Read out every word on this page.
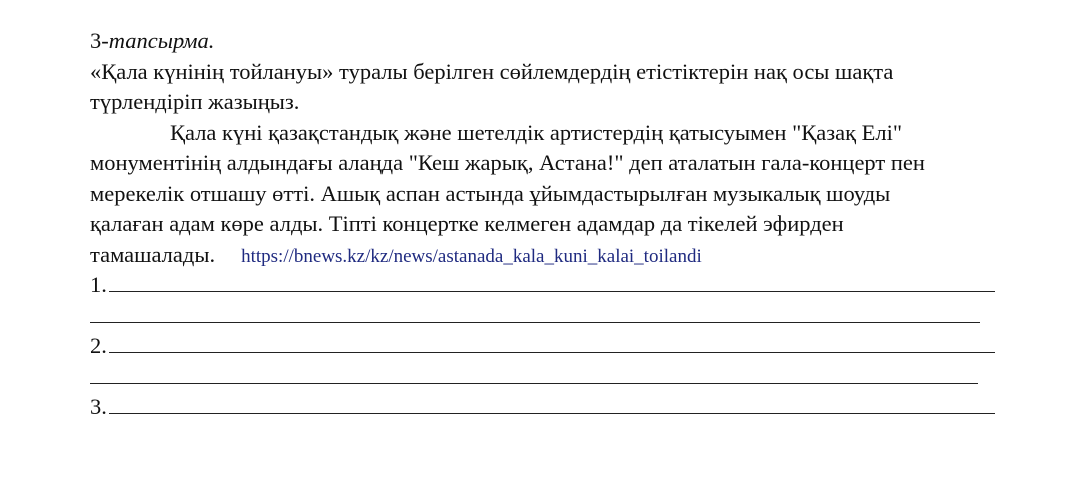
3-тапсырма.
«Қала күнінің тойлануы» туралы берілген сөйлемдердің етістіктерін нақ осы шақта
түрлендіріп жазыңыз.
Қала күні қазақстандық және шетелдік артистердің қатысуымен "Қазақ Елі"
монументінің алдындағы алаңда "Кеш жарық, Астана!" деп аталатын гала-концерт пен
мерекелік отшашу өтті. Ашық аспан астында ұйымдастырылған музыкалық шоуды
қалаған адам көре алды. Тіпті концертке келмеген адамдар да тікелей эфирден
тамашалады. https://bnews.kz/kz/news/astanada_kala_kuni_kalai_toilandi
1.
2.
3.
